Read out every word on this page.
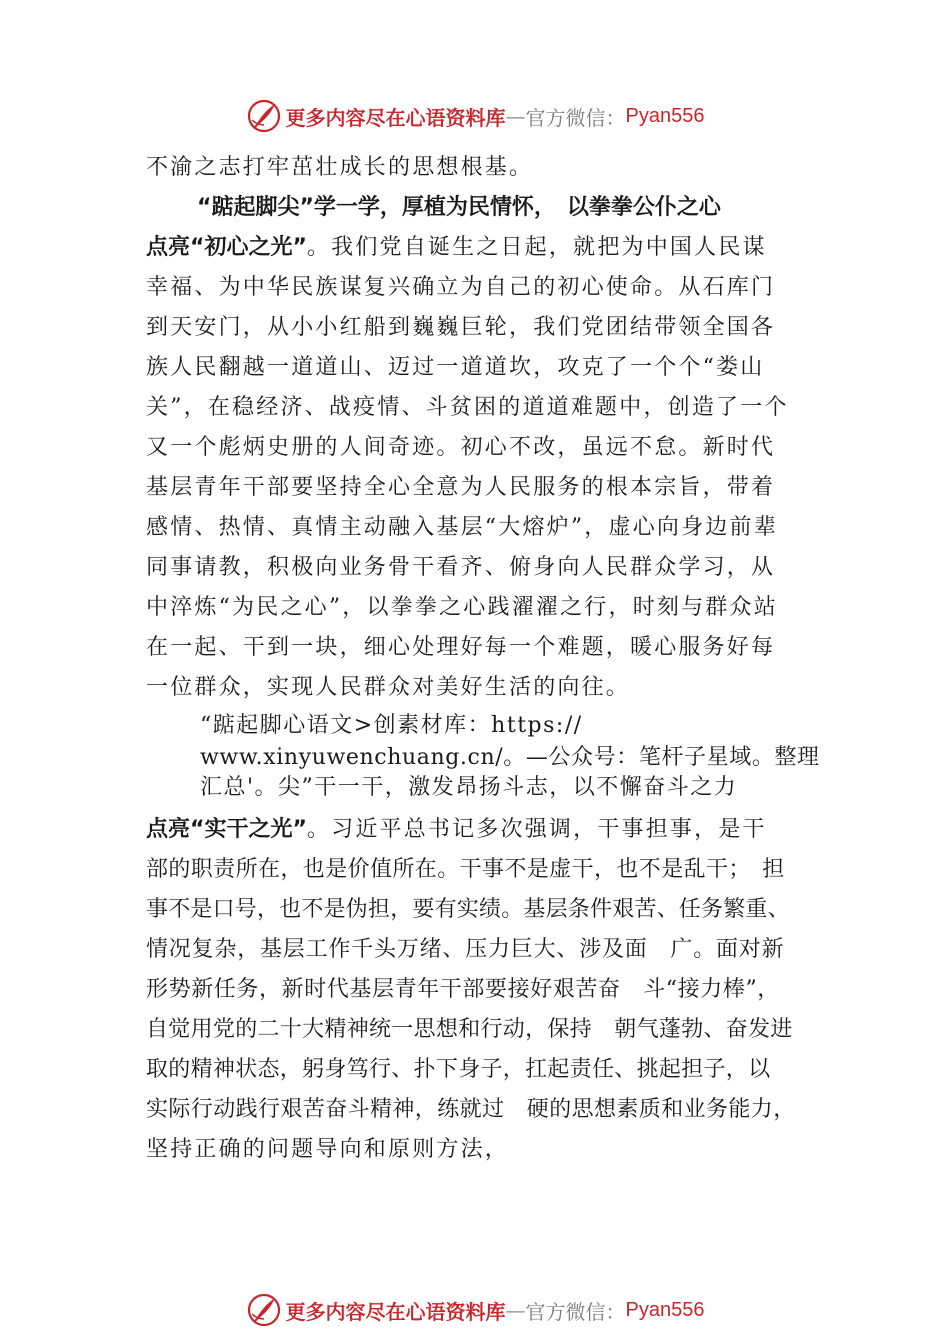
更多内容尽在心语资料库 — 官方微信： Pyan556
不渝之志打牢茁壮成长的思想根基。
“踮起脚尖”学一学，厚植为民情怀，　以拳拳公仆之心
点亮“初心之光”。我们党自诞生之日起，就把为中国人民谋
幸福、为中华民族谋复兴确立为自己的初心使命。从石库门
到天安门，从小小红船到巍巍巨轮，我们党团结带领全国各
族人民翻越一道道山、迈过一道道坎，攻克了一个个“娄山
关”，在稳经济、战疫情、斗贫困的道道难题中，创造了一个
又一个彪炳史册的人间奇迹。初心不改，虽远不怠。新时代
基层青年干部要坚持全心全意为人民服务的根本宗旨，带着
感情、热情、真情主动融入基层“大熔炉”，虚心向身边前辈
同事请教，积极向业务骨干看齐、俯身向人民群众学习，从
中淬炼“为民之心”，以拳拳之心践濯濯之行，时刻与群众站
在一起、干到一块，细心处理好每一个难题，暖心服务好每
一位群众，实现人民群众对美好生活的向往。
“踮起脚心语文>创素材库：https://
www.xinyuwenchuang.cn/。—公众号：笔杆子星域。整理
汇总'。尖”干一干，激发昂扬斗志，以不懈奋斗之力
点亮“实干之光”。习近平总书记多次强调，干事担事，是干
部的职责所在，也是价值所在。干事不是虚干，也不是乱干；　担
事不是口号，也不是伪担，要有实绩。基层条件艰苦、任务繁重、
情况复杂，基层工作千头万绪、压力巨大、涉及面　广。面对新
形势新任务，新时代基层青年干部要接好艰苦奋　斗“接力棒”，
自觉用党的二十大精神统一思想和行动，保持　朝气蓬勃、奋发进
取的精神状态，躬身笃行、扑下身子，扛起责任、挑起担子，以
实际行动践行艰苦奋斗精神，练就过　硬的思想素质和业务能力，
坚持正确的问题导向和原则方法，
更多内容尽在心语资料库 — 官方微信： Pyan556
